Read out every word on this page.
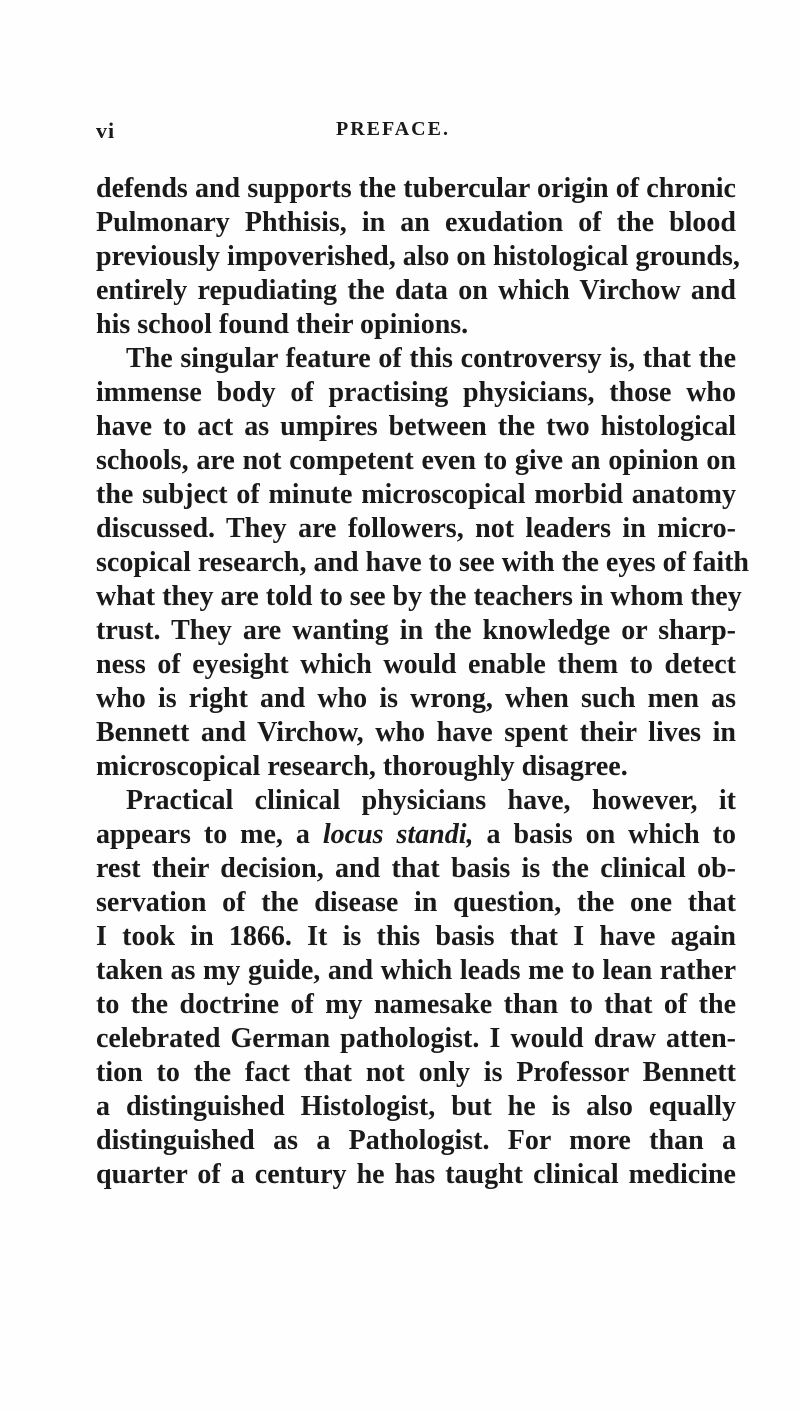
vi	PREFACE.
defends and supports the tubercular origin of chronic
Pulmonary Phthisis, in an exudation of the blood
previously impoverished, also on histological grounds,
entirely repudiating the data on which Virchow and
his school found their opinions.
The singular feature of this controversy is, that the
immense body of practising physicians, those who
have to act as umpires between the two histological
schools, are not competent even to give an opinion on
the subject of minute microscopical morbid anatomy
discussed. They are followers, not leaders in micro-
scopical research, and have to see with the eyes of faith
what they are told to see by the teachers in whom they
trust. They are wanting in the knowledge or sharp-
ness of eyesight which would enable them to detect
who is right and who is wrong, when such men as
Bennett and Virchow, who have spent their lives in
microscopical research, thoroughly disagree.
Practical clinical physicians have, however, it
appears to me, a locus standi, a basis on which to
rest their decision, and that basis is the clinical ob-
servation of the disease in question, the one that
I took in 1866. It is this basis that I have again
taken as my guide, and which leads me to lean rather
to the doctrine of my namesake than to that of the
celebrated German pathologist. I would draw atten-
tion to the fact that not only is Professor Bennett
a distinguished Histologist, but he is also equally
distinguished as a Pathologist. For more than a
quarter of a century he has taught clinical medicine
